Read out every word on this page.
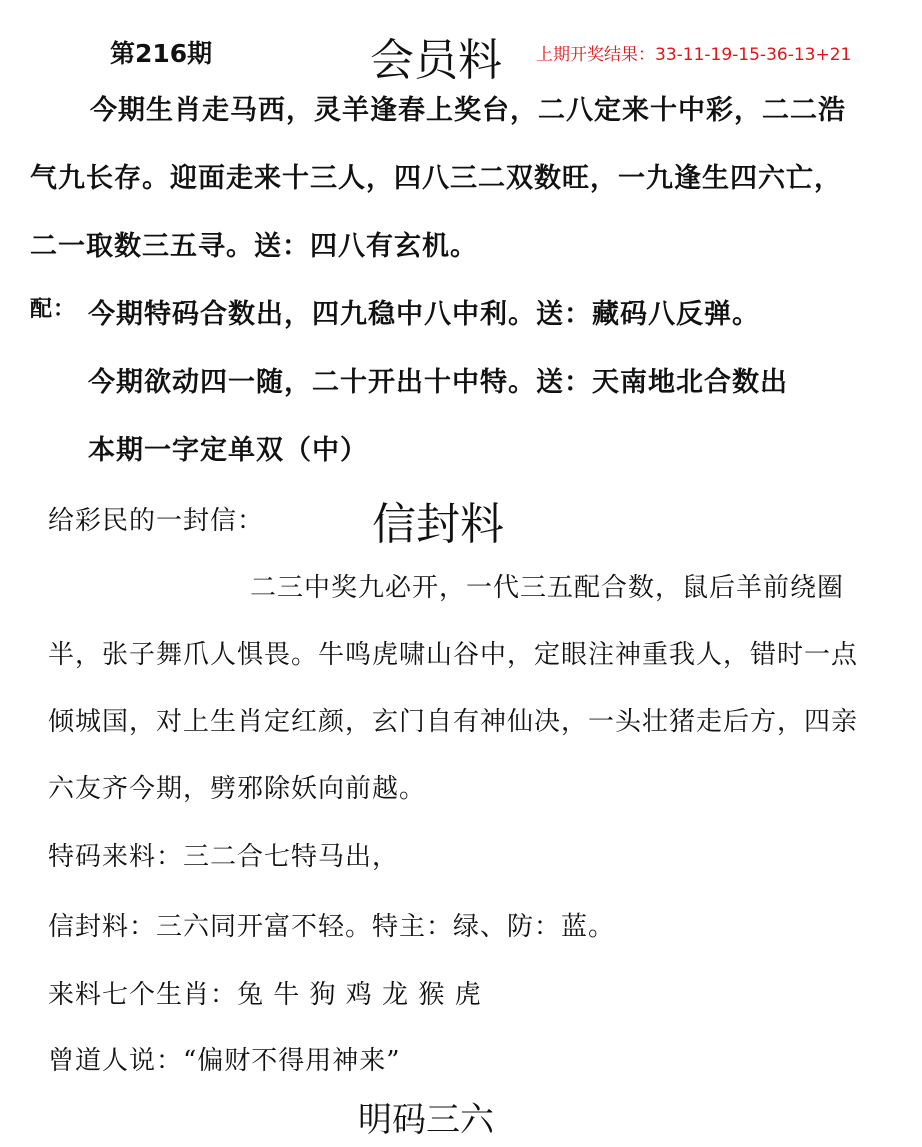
第216期	会员料 上期开奖结果：33-11-19-15-36-13+21
今期生肖走马西，灵羊逢春上奖台，二八定来十中彩，二二浩
气九长存。迎面走来十三人，四八三二双数旺，一九逢生四六亡，
二一取数三五寻。送：四八有玄机。
配： 今期特码合数出，四九稳中八中利。送：藏码八反弹。
今期欲动四一随，二十开出十中特。送：天南地北合数出
本期一字定单双（中）
给彩民的一封信： 信封料
二三中奖九必开，一代三五配合数，鼠后羊前绕圈
半，张子舞爪人惧畏。牛鸣虎啸山谷中，定眼注神重我人，错时一点
倾城国，对上生肖定红颜，玄门自有神仙决，一头壮猪走后方，四亲
六友齐今期，劈邪除妖向前越。
特码来料：三二合七特马出，
信封料：三六同开富不轻。特主：绿、防：蓝。
来料七个生肖：兔 牛 狗 鸡 龙 猴 虎
曾道人说：“偏财不得用神来”
明码三六
